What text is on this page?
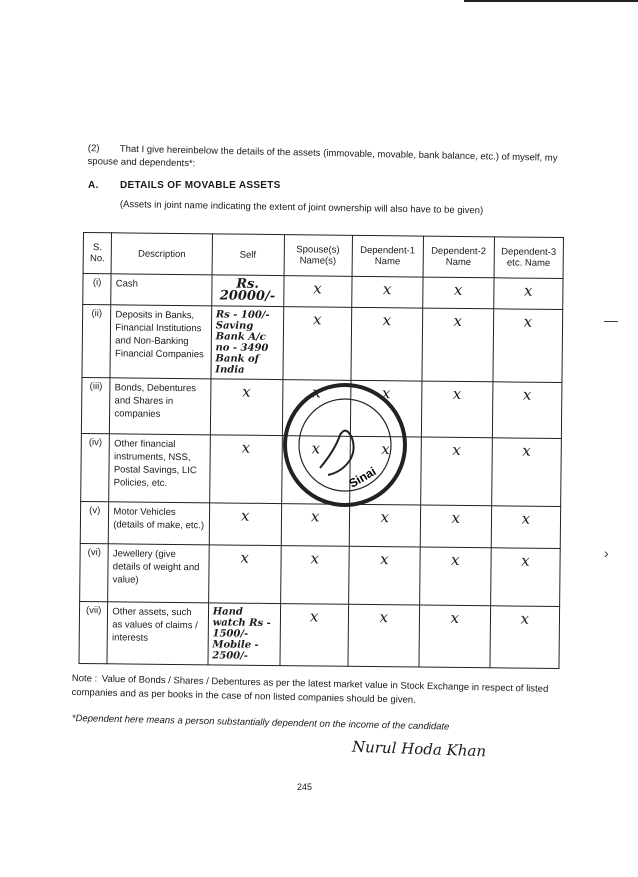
—
›
(2) That I give hereinbelow the details of the assets (immovable, movable, bank balance, etc.) of myself, my spouse and dependents*:
A. DETAILS OF MOVABLE ASSETS
(Assets in joint name indicating the extent of joint ownership will also have to be given)
S. No.	Description	Self	Spouse(s) Name(s)	Dependent-1 Name	Dependent-2 Name	Dependent-3 etc. Name
(i)	Cash	Rs. 20000/-	x	x	x	x
(ii)	Deposits in Banks, Financial Institutions and Non-Banking Financial Companies	Rs - 100/- Saving Bank A/c no - 3490 Bank of India	x	x	x	x
(iii)	Bonds, Debentures and Shares in companies	x	x	x	x	x
(iv)	Other financial instruments, NSS, Postal Savings, LIC Policies, etc.	x	x	x	x	x
(v)	Motor Vehicles (details of make, etc.)	x	x	x	x	x
(vi)	Jewellery (give details of weight and value)	x	x	x	x	x
(vii)	Other assets, such as values of claims / interests	Hand watch Rs - 1500/- Mobile - 2500/-	x	x	x	x
Sinai
Note : Value of Bonds / Shares / Debentures as per the latest market value in Stock Exchange in respect of listed companies and as per books in the case of non listed companies should be given.
*Dependent here means a person substantially dependent on the income of the candidate
Nurul Hoda Khan
245
